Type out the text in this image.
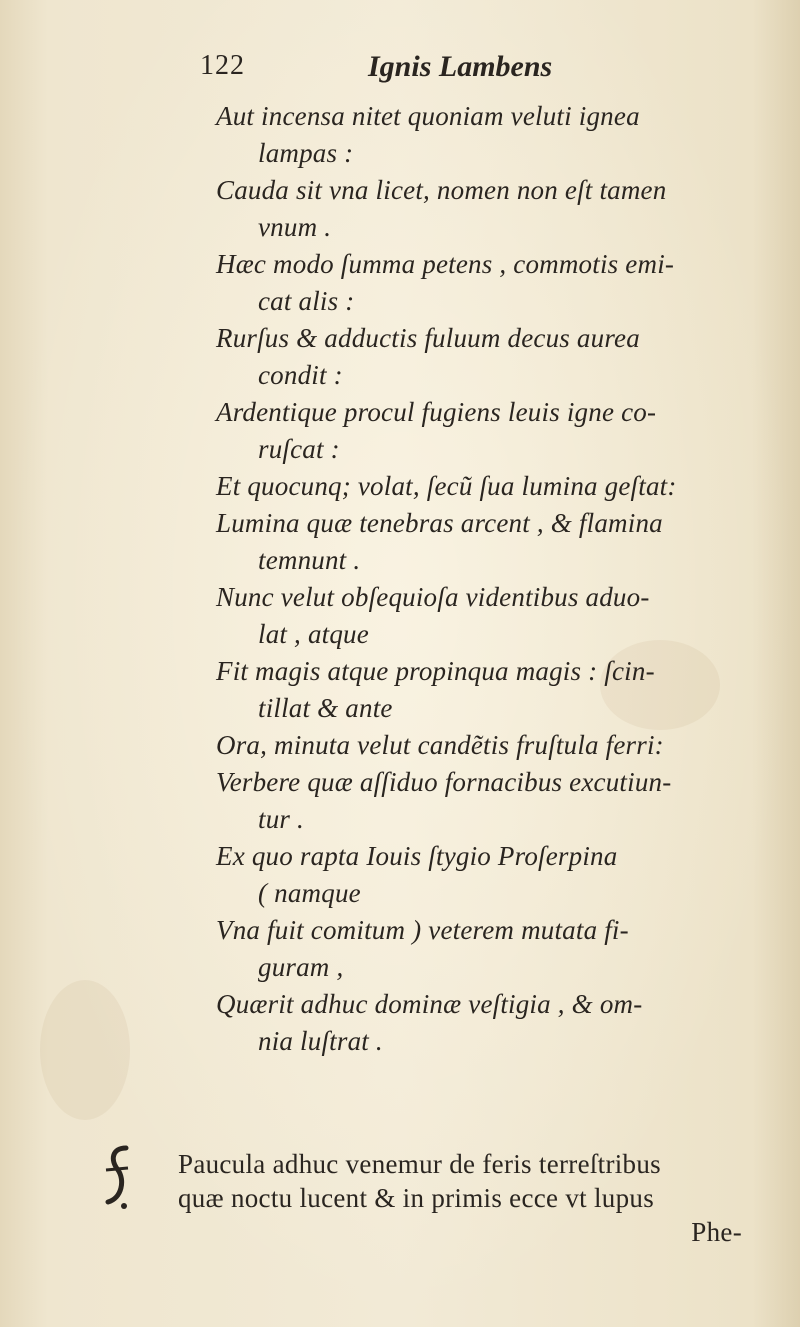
122	Ignis Lambens
Aut incensa nitet quoniam veluti ignea
lampas :
Cauda sit vna licet, nomen non eſt tamen
vnum .
Hæc modo ſumma petens , commotis emi-
cat alis :
Rurſus & adductis fuluum decus aurea
condit :
Ardentique procul fugiens leuis igne co-
ruſcat :
Et quocunq; volat, ſecũ ſua lumina geſtat:
Lumina quæ tenebras arcent , & flamina
temnunt .
Nunc velut obſequioſa videntibus aduo-
lat , atque
Fit magis atque propinqua magis : ſcin-
tillat & ante
Ora, minuta velut candẽtis fruſtula ferri:
Verbere quæ aſſiduo fornacibus excutiun-
tur .
Ex quo rapta Iouis ſtygio Proſerpina
( namque
Vna fuit comitum ) veterem mutata fi-
guram ,
Quærit adhuc dominæ veſtigia , & om-
nia luſtrat .
Paucula adhuc venemur de feris terreſtribus
quæ noctu lucent & in primis ecce vt lupus
Phe-
